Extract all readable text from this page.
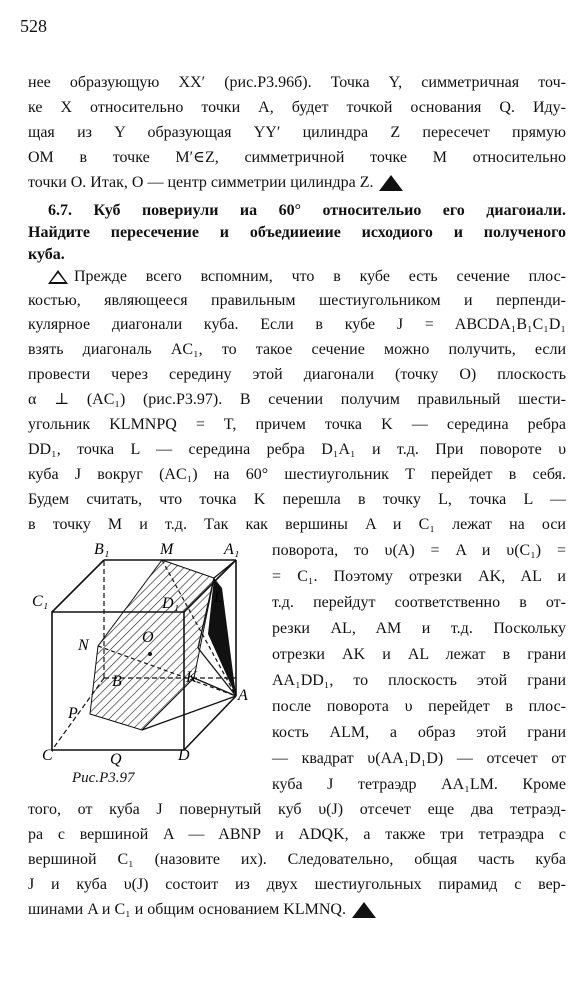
528
нее образующую XX′ (рис.Р3.96б). Точка Y, симметричная точ-
ке X относительно точки A, будет точкой основания Q. Иду-
щая из Y образующая YY′ цилиндра Z пересечет прямую
OM в точке M′∈Z, симметричной точке M относительно
точки O. Итак, O — центр симметрии цилиндра Z.
6.7. Куб повериули иа 60° относительио его диагоиали.
Найдите пересечение и объедииеиие исходиого и полученого
куба.
Прежде всего вспомним, что в кубе есть сечение плос-
костью, являющееся правильным шестиугольником и перпенди-
кулярное диагонали куба. Если в кубе J = ABCDA₁B₁C₁D₁
взять диагональ AC₁, то такое сечение можно получить, если
провести через середину этой диагонали (точку O) плоскость
α ⊥ (AC₁) (рис.Р3.97). В сечении получим правильный шести-
угольник KLMNPQ = T, причем точка K — середина ребра
DD₁, точка L — середина ребра D₁A₁ и т.д. При повороте υ
куба J вокруг (AC₁) на 60° шестиугольник T перейдет в себя.
Будем считать, что точка K перешла в точку L, точка L —
в точку M и т.д. Так как вершины A и C₁ лежат на оси
поворота, то υ(A) = A и υ(C₁) =
= C₁. Поэтому отрезки AK, AL и
т.д. перейдут соответственно в от-
резки AL, AM и т.д. Поскольку
отрезки AK и AL лежат в грани
AA₁DD₁, то плоскость этой грани
после поворота υ перейдет в плос-
кость ALM, а образ этой грани
— квадрат υ(AA₁D₁D) — отсечет от
куба J тетраэдр AA₁LM. Кроме
того, от куба J повернутый куб υ(J) отсечет еще два тетраэд-
ра с вершиной A — ABNP и ADQK, а также три тетраэдра с
вершиной C₁ (назовите их). Следовательно, общая часть куба
J и куба υ(J) состоит из двух шестиугольных пирамид с вер-
шинами A и C₁ и общим основанием KLMNQ.
B₁	M	A₁
C₁	D₁ L
N	O
B	K
A
P
C	Q	D
Рис.Р3.97
